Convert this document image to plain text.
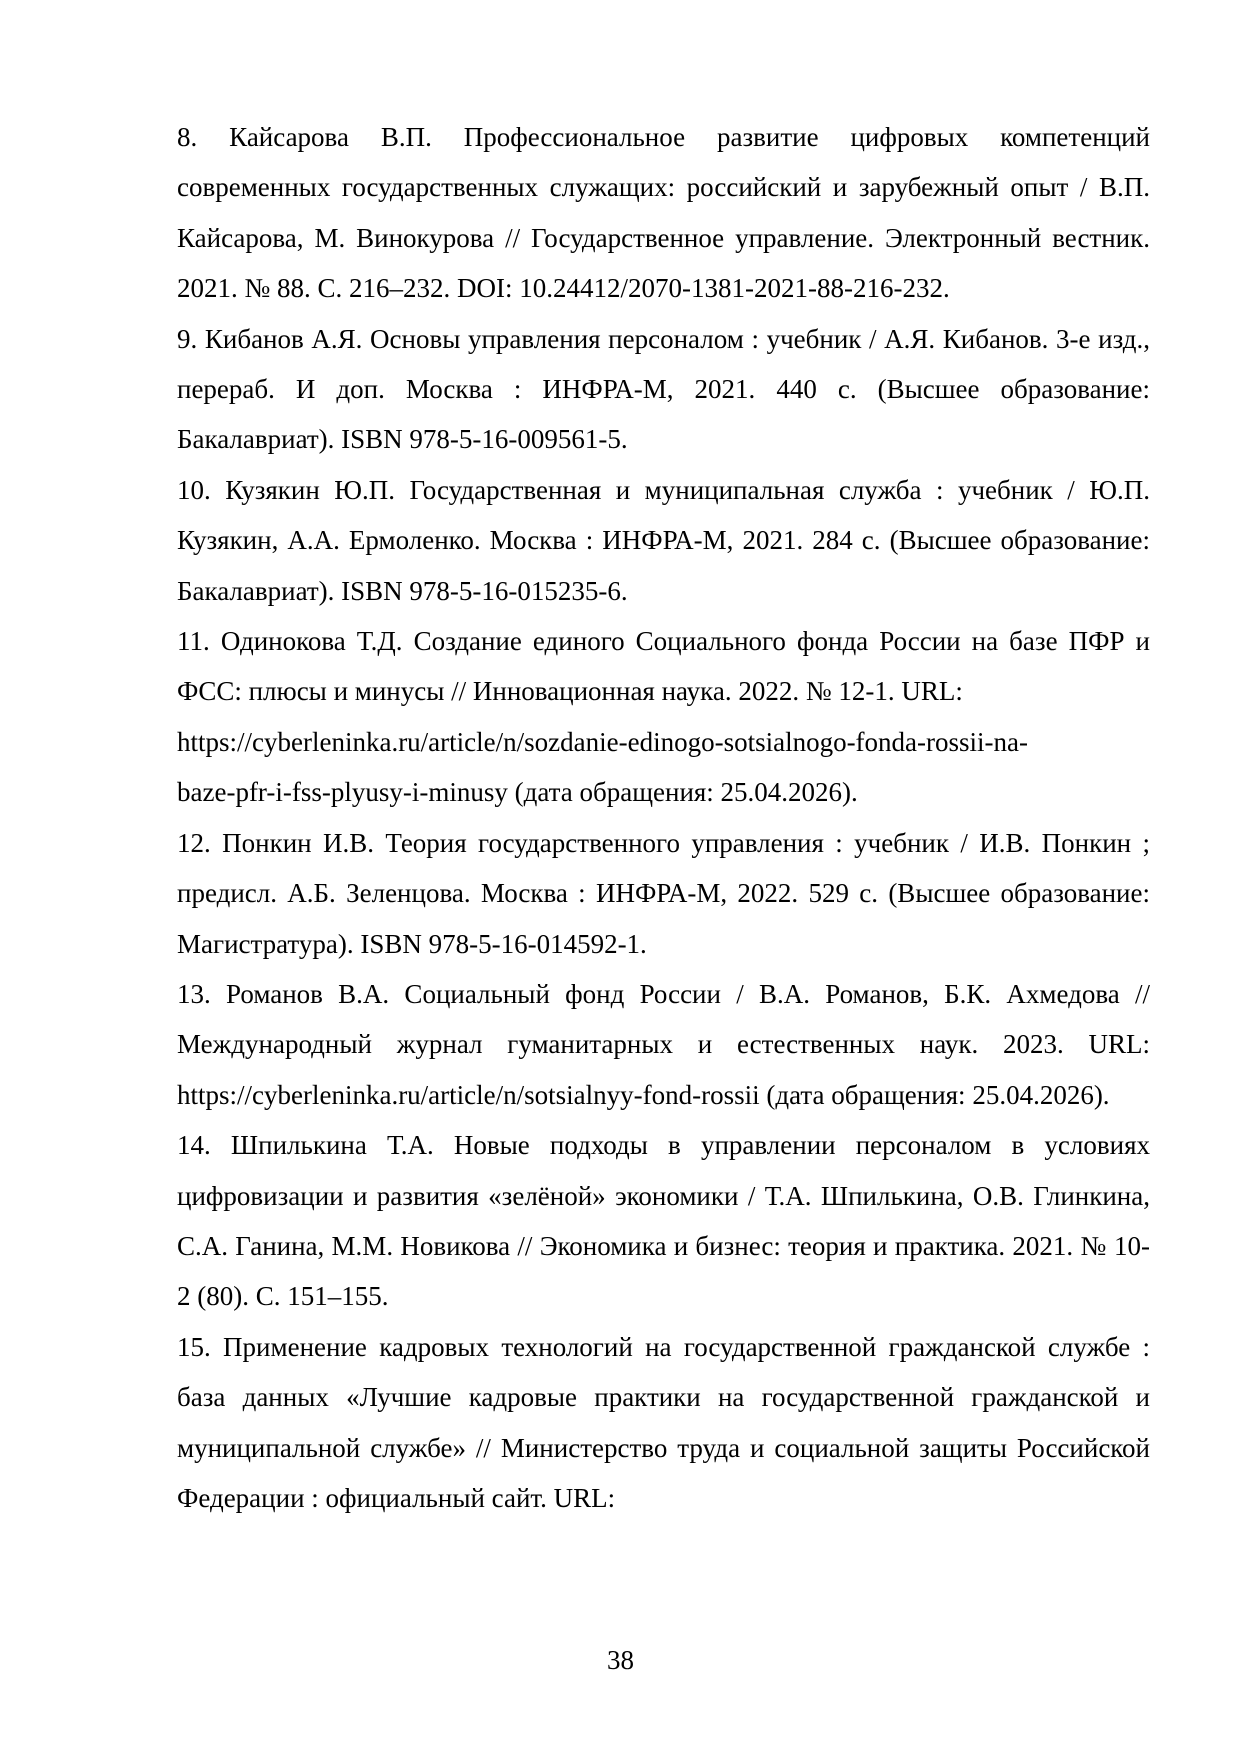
8. Кайсарова В.П. Профессиональное развитие цифровых компетенций современных государственных служащих: российский и зарубежный опыт / В.П. Кайсарова, М. Винокурова // Государственное управление. Электронный вестник. 2021. № 88. С. 216–232. DOI: 10.24412/2070-1381-2021-88-216-232.

9. Кибанов А.Я. Основы управления персоналом : учебник / А.Я. Кибанов. 3-е изд., перераб. И доп. Москва : ИНФРА-М, 2021. 440 с. (Высшее образование: Бакалавриат). ISBN 978-5-16-009561-5.

10. Кузякин Ю.П. Государственная и муниципальная служба : учебник / Ю.П. Кузякин, А.А. Ермоленко. Москва : ИНФРА-М, 2021. 284 с. (Высшее образование: Бакалавриат). ISBN 978-5-16-015235-6.

11. Одинокова Т.Д. Создание единого Социального фонда России на базе ПФР и ФСС: плюсы и минусы // Инновационная наука. 2022. № 12-1. URL:

https://cyberleninka.ru/article/n/sozdanie-edinogo-sotsialnogo-fonda-rossii-na-
baze-pfr-i-fss-plyusy-i-minusy (дата обращения: 25.04.2026).

12. Понкин И.В. Теория государственного управления : учебник / И.В. Понкин ; предисл. А.Б. Зеленцова. Москва : ИНФРА-М, 2022. 529 с. (Высшее образование: Магистратура). ISBN 978-5-16-014592-1.

13. Романов В.А. Социальный фонд России / В.А. Романов, Б.К. Ахмедова // Международный журнал гуманитарных и естественных наук. 2023. URL: https://cyberleninka.ru/article/n/sotsialnyy-fond-rossii (дата обращения: 25.04.2026).

14. Шпилькина Т.А. Новые подходы в управлении персоналом в условиях цифровизации и развития «зелёной» экономики / Т.А. Шпилькина, О.В. Глинкина, С.А. Ганина, М.М. Новикова // Экономика и бизнес: теория и практика. 2021. № 10-2 (80). С. 151–155.

15. Применение кадровых технологий на государственной гражданской службе : база данных «Лучшие кадровые практики на государственной гражданской и муниципальной службе» // Министерство труда и социальной защиты Российской Федерации : официальный сайт. URL:

38
